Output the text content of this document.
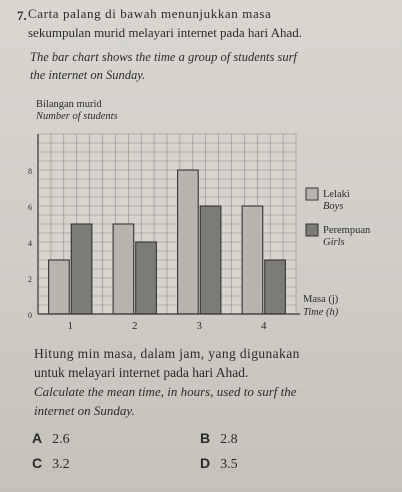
7. Carta palang di bawah menunjukkan masa
sekumpulan murid melayari internet pada hari Ahad.
The bar chart shows the time a group of students surf
the internet on Sunday.
Bilangan murid
Number of students
1	2	3	4
0
2
4
6
8
Lelaki
Boys
Perempuan
Girls
Masa (j)
Time (h)
Hitung min masa, dalam jam, yang digunakan
untuk melayari internet pada hari Ahad.
Calculate the mean time, in hours, used to surf the
internet on Sunday.
A 2.6	B 2.8
C 3.2	D 3.5
